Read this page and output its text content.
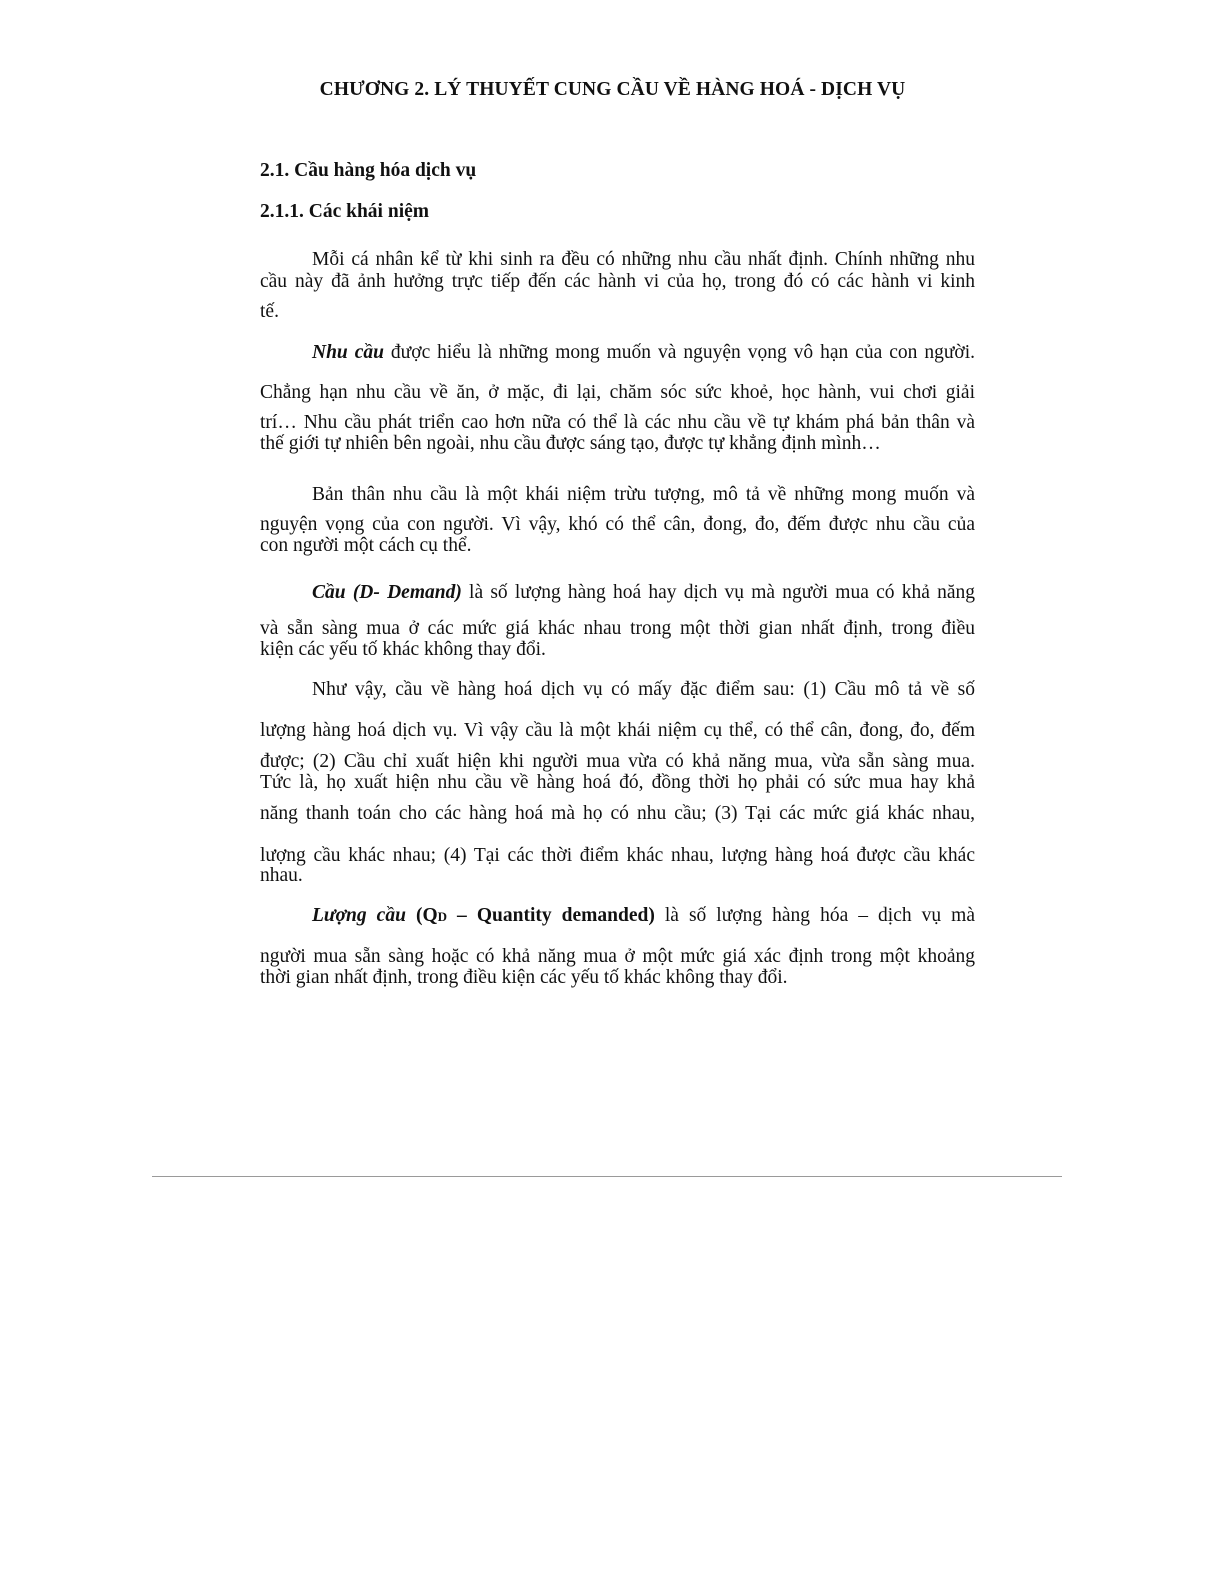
CHƯƠNG 2. LÝ THUYẾT CUNG CẦU VỀ HÀNG HOÁ - DỊCH VỤ
2.1. Cầu hàng hóa dịch vụ
2.1.1. Các khái niệm
Mỗi cá nhân kể từ khi sinh ra đều có những nhu cầu nhất định. Chính những nhu
cầu này đã ảnh hưởng trực tiếp đến các hành vi của họ, trong đó có các hành vi kinh
tế.
Nhu cầu được hiểu là những mong muốn và nguyện vọng vô hạn của con người.
Chẳng hạn nhu cầu về ăn, ở mặc, đi lại, chăm sóc sức khoẻ, học hành, vui chơi giải
trí… Nhu cầu phát triển cao hơn nữa có thể là các nhu cầu về tự khám phá bản thân và
thế giới tự nhiên bên ngoài, nhu cầu được sáng tạo, được tự khẳng định mình…
Bản thân nhu cầu là một khái niệm trừu tượng, mô tả về những mong muốn và
nguyện vọng của con người. Vì vậy, khó có thể cân, đong, đo, đếm được nhu cầu của
con người một cách cụ thể.
Cầu (D- Demand) là số lượng hàng hoá hay dịch vụ mà người mua có khả năng
và sẵn sàng mua ở các mức giá khác nhau trong một thời gian nhất định, trong điều
kiện các yếu tố khác không thay đổi.
Như vậy, cầu về hàng hoá dịch vụ có mấy đặc điểm sau: (1) Cầu mô tả về số
lượng hàng hoá dịch vụ. Vì vậy cầu là một khái niệm cụ thể, có thể cân, đong, đo, đếm
được; (2) Cầu chỉ xuất hiện khi người mua vừa có khả năng mua, vừa sẵn sàng mua.
Tức là, họ xuất hiện nhu cầu về hàng hoá đó, đồng thời họ phải có sức mua hay khả
năng thanh toán cho các hàng hoá mà họ có nhu cầu; (3) Tại các mức giá khác nhau,
lượng cầu khác nhau; (4) Tại các thời điểm khác nhau, lượng hàng hoá được cầu khác
nhau.
Lượng cầu (QD – Quantity demanded) là số lượng hàng hóa – dịch vụ mà
người mua sẵn sàng hoặc có khả năng mua ở một mức giá xác định trong một khoảng
thời gian nhất định, trong điều kiện các yếu tố khác không thay đổi.
